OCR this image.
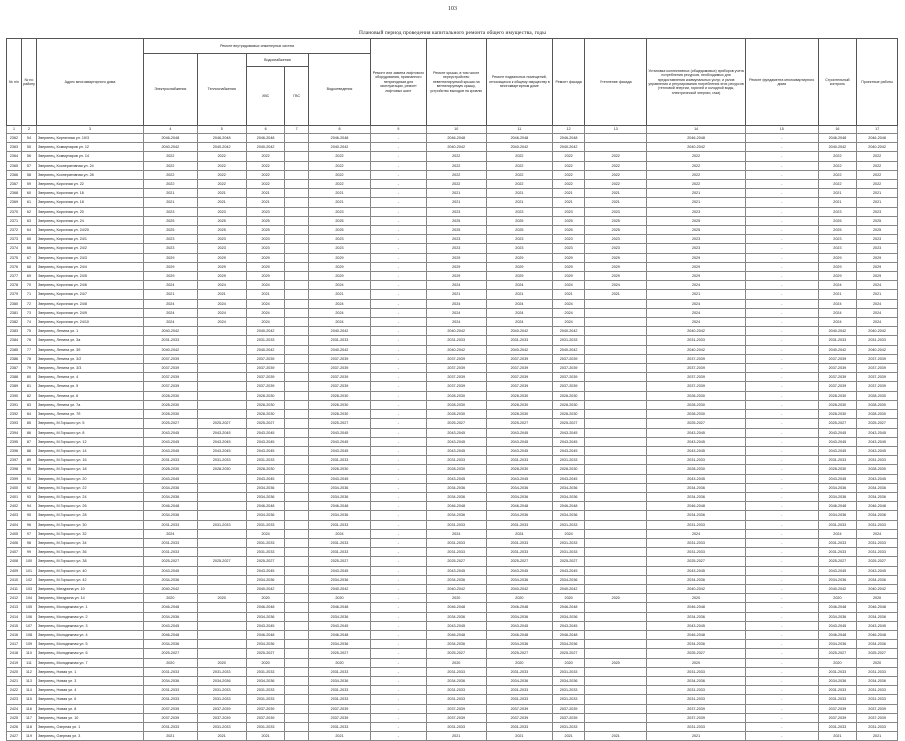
103
Плановый период проведения капитального ремонта общего имущества, годы
№ п/п	№ по району	Адрес многоквартирного дома	Ремонт внутридомовых инженерных систем					Ремонт или замена лифтового оборудования, признанного непригодным для эксплуатации, ремонт лифтовых шахт	Ремонт крыши, в том числе переустройство невентилируемой крыши на вентилируемую крышу, устройство выходов на кровлю	Ремонт подвальных помещений, относящихся к общему имуществу в многоквартирном доме	Ремонт фасада	Утепление фасада	Установка коллективных (общедомовых) приборов учета потребления ресурсов, необходимых для предоставления коммунальных услуг, и узлов управления и регулирования потребления этих ресурсов (тепловой энергии, горячей и холодной воды, электрической энергии, газа)	Ремонт фундамента многоквартирного дома	Строительный контроль	Проектные работы
			Электроснабжения	Теплоснабжения	Водоснабжения		Водоотведения									
					ХВС	ГВС										
1	2	3	4	5	6	7	8	9	10	11	12	13	14	15	16	17
2362	54	Зверинец, Кирпичная ул. 10/3	2046-2048	2046-2048	2046-2048		2046-2048	-	2046-2048	2046-2048	2046-2048		2046-2048	-	2046-2048	2046-2048
2363	55	Зверинец, Коммунаров ул. 12	2040-2042	2040-2042	2040-2042		2040-2042	-	2040-2042	2040-2042	2040-2042		2040-2042	-	2040-2042	2040-2042
2364	56	Зверинец, Коммунаров ул. 14	2022	2022	2022		2022	-	2022	2022	2022	2022	2022	-	2022	2022
2365	57	Зверинец, Кооперативная ул. 24	2022	2022	2022		2022	-	2022	2022	2022	2022	2022	-	2022	2022
2366	58	Зверинец, Кооперативная ул. 28	2022	2022	2022		2022	-	2022	2022	2022	2022	2022	-	2022	2022
2367	59	Зверинец, Кирочная ул. 22	2022	2022	2022		2022	-	2022	2022	2022	2022	2022	-	2022	2022
2368	60	Зверинец, Кирочная ул. 16	2021	2021	2021		2021	-	2021	2021	2021	2021	2021	-	2021	2021
2369	61	Зверинец, Кирочная ул. 18	2021	2021	2021		2021	-	2021	2021	2021	2021	2021	-	2021	2021
2370	62	Зверинец, Кирочная ул. 20	2023	2023	2023		2023	-	2023	2023	2023	2023	2023	-	2023	2023
2371	63	Зверинец, Кирочная ул. 24	2025	2025	2025		2025	-	2025	2025	2025	2025	2025	-	2025	2025
2372	64	Зверинец, Кирочная ул. 24/20	2025	2025	2025		2025	-	2025	2025	2025	2025	2025	-	2025	2025
2373	65	Зверинец, Кирочная ул. 24/1	2023	2023	2023		2023	-	2023	2023	2023	2023	2023	-	2023	2023
2374	66	Зверинец, Кирочная ул. 24/2	2023	2023	2023		2023	-	2023	2023	2023	2023	2023	-	2023	2023
2375	67	Зверинец, Кирочная ул. 24/3	2029	2029	2029		2029	-	2029	2029	2029	2029	2029	-	2029	2029
2376	68	Зверинец, Кирочная ул. 24/4	2029	2029	2029		2029	-	2029	2029	2029	2029	2029	-	2029	2029
2377	69	Зверинец, Кирочная ул. 24/5	2029	2029	2029		2029	-	2029	2029	2029	2029	2029	-	2029	2029
2378	70	Зверинец, Кирочная ул. 24/6	2024	2024	2024		2024	-	2024	2024	2024	2024	2024	-	2024	2024
2379	71	Зверинец, Кирочная ул. 24/7	2021	2021	2021		2021	-	2021	2021	2021	2021	2021	-	2021	2021
2380	72	Зверинец, Кирочная ул. 24/8	2024	2024	2024		2024	-	2024	2024	2024		2024	-	2024	2024
2381	73	Зверинец, Кирочная ул. 24/9	2024	2024	2024		2024	-	2024	2024	2024		2024	-	2024	2024
2382	74	Зверинец, Кирочная ул. 24/10	2024	2024	2024		2024	-	2024	2024	2024		2024	-	2024	2024
2383	75	Зверинец, Ленина ул. 1	2040-2042		2040-2042		2040-2042	-	2040-2042	2040-2042	2040-2042		2040-2042	-	2040-2042	2040-2042
2384	76	Зверинец, Ленина ул. 3а	2031-2033		2031-2033		2031-2033	-	2031-2033	2031-2033	2031-2033		2031-2033	-	2031-2033	2031-2033
2385	77	Зверинец, Ленина ул. 3б	2040-2042		2040-2042		2040-2042	-	2040-2042	2040-2042	2040-2042		2040-2042	-	2040-2042	2040-2042
2386	78	Зверинец, Ленина ул. 3/2	2037-2039		2037-2039		2037-2039	-	2037-2039	2037-2039	2037-2039		2037-2039	-	2037-2039	2037-2039
2387	79	Зверинец, Ленина ул. 3/3	2037-2039		2037-2039		2037-2039	-	2037-2039	2037-2039	2037-2039		2037-2039	-	2037-2039	2037-2039
2388	80	Зверинец, Ленина ул. 4	2037-2039		2037-2039		2037-2039	-	2037-2039	2037-2039	2037-2039		2037-2039	-	2037-2039	2037-2039
2389	81	Зверинец, Ленина ул. 5	2037-2039		2037-2039		2037-2039	-	2037-2039	2037-2039	2037-2039		2037-2039	-	2037-2039	2037-2039
2390	82	Зверинец, Ленина ул. 6	2028-2030		2028-2030		2028-2030	-	2028-2030	2028-2030	2028-2030		2028-2030	-	2028-2030	2028-2030
2391	83	Зверинец, Ленина ул. 7а	2028-2030		2028-2030		2028-2030	-	2028-2030	2028-2030	2028-2030		2028-2030	-	2028-2030	2028-2030
2392	84	Зверинец, Ленина ул. 7б	2028-2030		2028-2030		2028-2030	-	2028-2030	2028-2030	2028-2030		2028-2030	-	2028-2030	2028-2030
2393	85	Зверинец, М.Горького ул. 5	2025-2027	2025-2027	2025-2027		2025-2027	-	2025-2027	2025-2027	2025-2027		2025-2027	-	2025-2027	2025-2027
2394	86	Зверинец, М.Горького ул. 8	2043-2045	2043-2045	2043-2045		2043-2045	-	2043-2045	2043-2045	2043-2045		2043-2045	-	2043-2045	2043-2045
2395	87	Зверинец, М.Горького ул. 12	2043-2045	2043-2045	2043-2045		2043-2045	-	2043-2045	2043-2045	2043-2045		2043-2045	-	2043-2045	2043-2045
2396	88	Зверинец, М.Горького ул. 14	2043-2045	2043-2045	2043-2045		2043-2045	-	2043-2045	2043-2045	2043-2045		2043-2045	-	2043-2045	2043-2045
2397	89	Зверинец, М.Горького ул. 16	2031-2033	2031-2033	2031-2033		2031-2033	-	2031-2033	2031-2033	2031-2033		2031-2033	-	2031-2033	2031-2033
2398	90	Зверинец, М.Горького ул. 18	2028-2030	2028-2030	2028-2030		2028-2030	-	2028-2030	2028-2030	2028-2030		2028-2030	-	2028-2030	2028-2030
2399	91	Зверинец, М.Горького ул. 20	2043-2045		2043-2045		2043-2045	-	2043-2045	2043-2045	2043-2045		2043-2045	-	2043-2045	2043-2045
2400	92	Зверинец, М.Горького ул. 22	2034-2036		2034-2036		2034-2036	-	2034-2036	2034-2036	2034-2036		2034-2036	-	2034-2036	2034-2036
2401	93	Зверинец, М.Горького ул. 24	2034-2036		2034-2036		2034-2036	-	2034-2036	2034-2036	2034-2036		2034-2036	-	2034-2036	2034-2036
2402	94	Зверинец, М.Горького ул. 26	2046-2048		2046-2048		2046-2048	-	2046-2048	2046-2048	2046-2048		2046-2048	-	2046-2048	2046-2048
2403	95	Зверинец, М.Горького ул. 28	2034-2036		2034-2036		2034-2036	-	2034-2036	2034-2036	2034-2036		2034-2036	-	2034-2036	2034-2036
2404	96	Зверинец, М.Горького ул. 30	2031-2033	2031-2033	2031-2033		2031-2033	-	2031-2033	2031-2033	2031-2033		2031-2033	-	2031-2033	2031-2033
2405	97	Зверинец, М.Горького ул. 32	2024		2024		2024	-	2024	2024	2024		2024	-	2024	2024
2406	98	Зверинец, М.Горького ул. 34	2031-2033		2031-2033		2031-2033	-	2031-2033	2031-2033	2031-2033		2031-2033	-	2031-2033	2031-2033
2407	99	Зверинец, М.Горького ул. 36	2031-2033		2031-2033		2031-2033	-	2031-2033	2031-2033	2031-2033		2031-2033	-	2031-2033	2031-2033
2408	100	Зверинец, М.Горького ул. 38	2025-2027	2025-2027	2025-2027		2025-2027	-	2025-2027	2025-2027	2025-2027		2025-2027	-	2025-2027	2025-2027
2409	101	Зверинец, М.Горького ул. 40	2043-2045		2043-2045		2043-2045	-	2043-2045	2043-2045	2043-2045		2043-2045	-	2043-2045	2043-2045
2410	102	Зверинец, М.Горького ул. 42	2034-2036		2034-2036		2034-2036	-	2034-2036	2034-2036	2034-2036		2034-2036	-	2034-2036	2034-2036
2411	103	Зверинец, Мичурина ул. 10	2040-2042		2040-2042		2040-2042	-	2040-2042	2040-2042	2040-2042		2040-2042	-	2040-2042	2040-2042
2412	104	Зверинец, Мичурина ул. 14	2020	2020	2020		2020	-	2020	2020	2020	2020	2020	-	2020	2020
2413	105	Зверинец, Молодежная ул. 1	2046-2048		2046-2048		2046-2048	-	2046-2048	2046-2048	2046-2048		2046-2048	-	2046-2048	2046-2048
2414	106	Зверинец, Молодежная ул. 2	2034-2036		2034-2036		2034-2036	-	2034-2036	2034-2036	2034-2036		2034-2036	-	2034-2036	2034-2036
2415	107	Зверинец, Молодежная ул. 3	2043-2045		2043-2045		2043-2045	-	2043-2045	2043-2045	2043-2045		2043-2045	-	2043-2045	2043-2045
2416	108	Зверинец, Молодежная ул. 4	2046-2048		2046-2048		2046-2048	-	2046-2048	2046-2048	2046-2048		2046-2048	-	2046-2048	2046-2048
2417	109	Зверинец, Молодежная ул. 5	2034-2036		2034-2036		2034-2036	-	2034-2036	2034-2036	2034-2036		2034-2036	-	2034-2036	2034-2036
2418	110	Зверинец, Молодежная ул. 6	2025-2027		2025-2027		2025-2027	-	2025-2027	2025-2027	2025-2027		2025-2027	-	2025-2027	2025-2027
2419	111	Зверинец, Молодежная ул. 7	2020	2020	2020		2020	-	2020	2020	2020	2020	2020	-	2020	2020
2420	112	Зверинец, Новая ул. 1	2031-2033	2031-2033	2031-2033		2031-2033	-	2031-2033	2031-2033	2031-2033		2031-2033	-	2031-2033	2031-2033
2421	113	Зверинец, Новая ул. 3	2034-2036	2034-2036	2034-2036		2034-2036	-	2034-2036	2034-2036	2034-2036		2034-2036	-	2034-2036	2034-2036
2422	114	Зверинец, Новая ул. 4	2031-2033	2031-2033	2031-2033		2031-2033	-	2031-2033	2031-2033	2031-2033		2031-2033	-	2031-2033	2031-2033
2423	115	Зверинец, Новая ул. 6	2031-2033	2031-2033	2031-2033		2031-2033	-	2031-2033	2031-2033	2031-2033		2031-2033	-	2031-2033	2031-2033
2424	116	Зверинец, Новая ул. 8	2037-2039	2037-2039	2037-2039		2037-2039	-	2037-2039	2037-2039	2037-2039		2037-2039	-	2037-2039	2037-2039
2425	117	Зверинец, Новая ул. 10	2037-2039	2037-2039	2037-2039		2037-2039	-	2037-2039	2037-2039	2037-2039		2037-2039	-	2037-2039	2037-2039
2426	118	Зверинец, Озерная ул. 1	2031-2033	2031-2033	2031-2033		2031-2033	-	2031-2033	2031-2033	2031-2033		2031-2033	-	2031-2033	2031-2033
2427	119	Зверинец, Озерная ул. 3	2021	2021	2021		2021	-	2021	2021	2021	2021	2021	-	2021	2021
